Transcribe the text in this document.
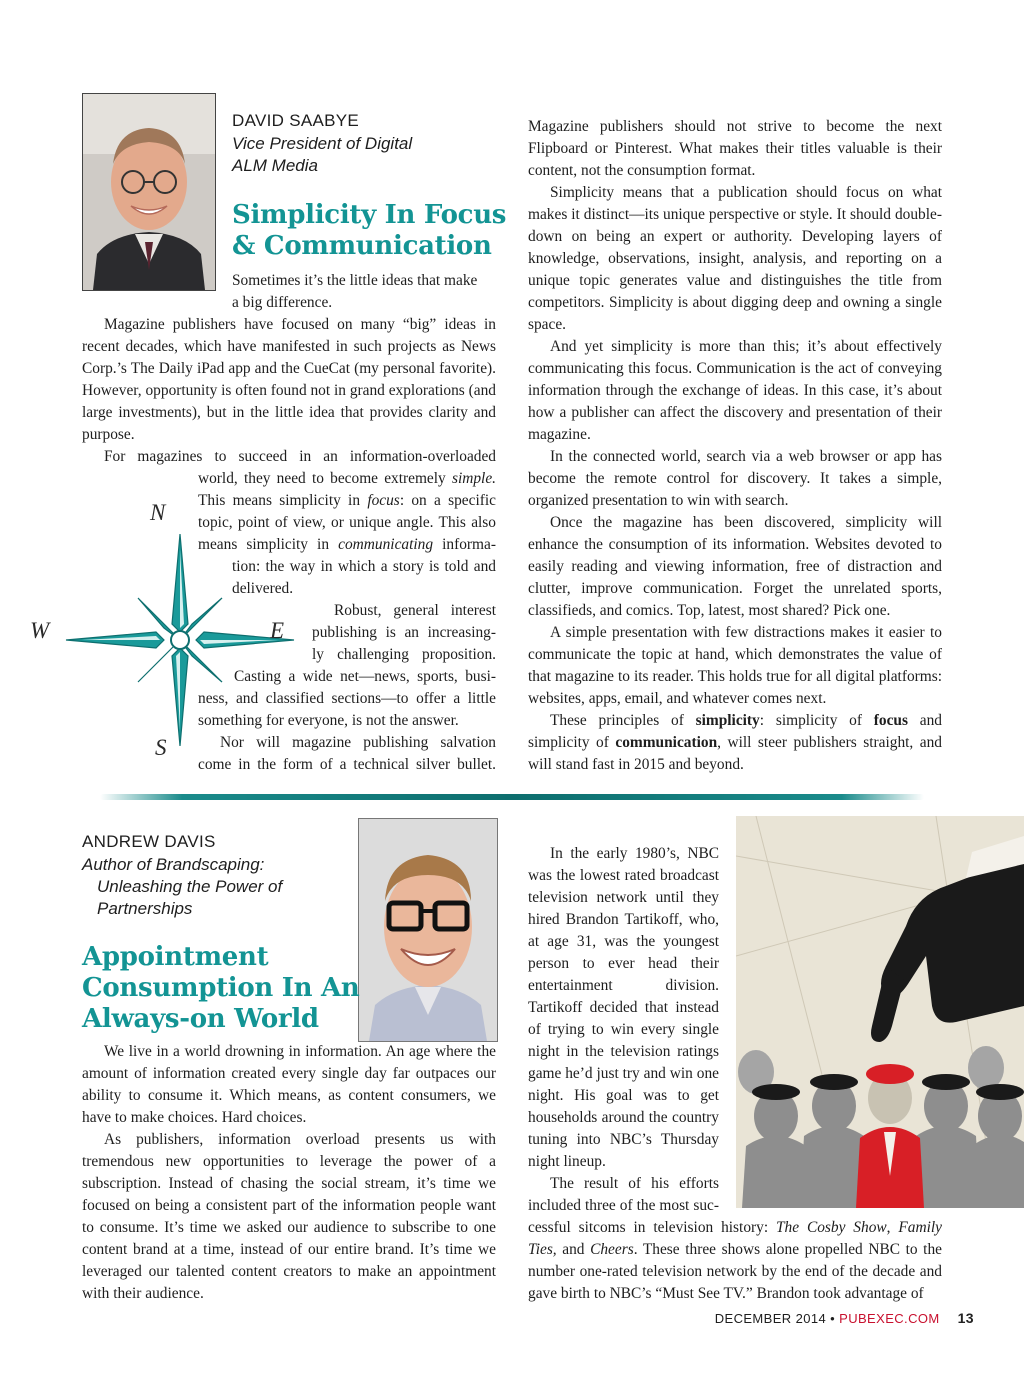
DAVID SAABYE
Vice President of Digital
ALM Media
Simplicity In Focus
& Communication

Sometimes it’s the little ideas that make

a big difference.

Magazine publishers have focused on many “big” ideas in recent decades, which have manifested in such projects as News Corp.’s The Daily iPad app and the CueCat (my personal favorite). However, opportunity is often found not in grand explorations (and large investments), but in the little idea that provides clarity and purpose.

For magazines to succeed in an information-overloaded

world, they need to become extremely simple.

This means simplicity in focus: on a specific

topic, point of view, or unique angle. This also

means simplicity in communicating informa-

tion: the way in which a story is told and

delivered.

Robust, general interest

publishing is an increasing-

ly challenging proposition.

Casting a wide net—news, sports, busi-

ness, and classified sections—to offer a little

something for everyone, is not the answer.

Nor will magazine publishing salvation

come in the form of a technical silver bullet.

N
E
S
W

Magazine publishers should not strive to become the next Flipboard or Pinterest. What makes their titles valuable is their content, not the consumption format.

Simplicity means that a publication should focus on what makes it distinct—its unique perspective or style. It should double-down on being an expert or authority. Developing layers of knowledge, observations, insight, analysis, and reporting on a unique topic generates value and distinguishes the title from competitors. Simplicity is about digging deep and owning a single space.

And yet simplicity is more than this; it’s about effectively communicating this focus. Communication is the act of conveying information through the exchange of ideas. In this case, it’s about how a publisher can affect the discovery and presentation of their magazine.

In the connected world, search via a web browser or app has become the remote control for discovery. It takes a simple, organized presentation to win with search.

Once the magazine has been discovered, simplicity will enhance the consumption of its information. Websites devoted to easily reading and viewing information, free of distraction and clutter, improve communication. Forget the unrelated sports, classifieds, and comics. Top, latest, most shared? Pick one.

A simple presentation with few distractions makes it easier to communicate the topic at hand, which demonstrates the value of that magazine to its reader. This holds true for all digital platforms: websites, apps, email, and whatever comes next.

These principles of simplicity: simplicity of focus and simplicity of communication, will steer publishers straight, and will stand fast in 2015 and beyond.

ANDREW DAVIS
Author of Brandscaping:
Unleashing the Power of
Partnerships
Appointment
Consumption In An
Always-on World

We live in a world drowning in information. An age where the amount of information created every single day far outpaces our ability to consume it. Which means, as content consumers, we have to make choices. Hard choices.

As publishers, information overload presents us with tremendous new opportunities to leverage the power of a subscription. Instead of chasing the social stream, it’s time we focused on being a consistent part of the information people want to consume. It’s time we asked our audience to subscribe to one content brand at a time, instead of our entire brand. It’s time we leveraged our talented content creators to make an appointment with their audience.

In the early 1980’s, NBC was the lowest rated broadcast television network until they hired Brandon Tartikoff, who, at age 31, was the youngest person to ever head their entertainment division. Tartikoff decided that instead of trying to win every single night in the television ratings game he’d just try and win one night. His goal was to get households around the country tuning into NBC’s Thursday night lineup.

The result of his efforts included three of the most suc-

cessful sitcoms in television history: The Cosby Show, Family Ties, and Cheers. These three shows alone propelled NBC to the number one-rated television network by the end of the decade and gave birth to NBC’s “Must See TV.” Brandon took advantage of

DECEMBER 2014 • PUBEXEC.COM 13
